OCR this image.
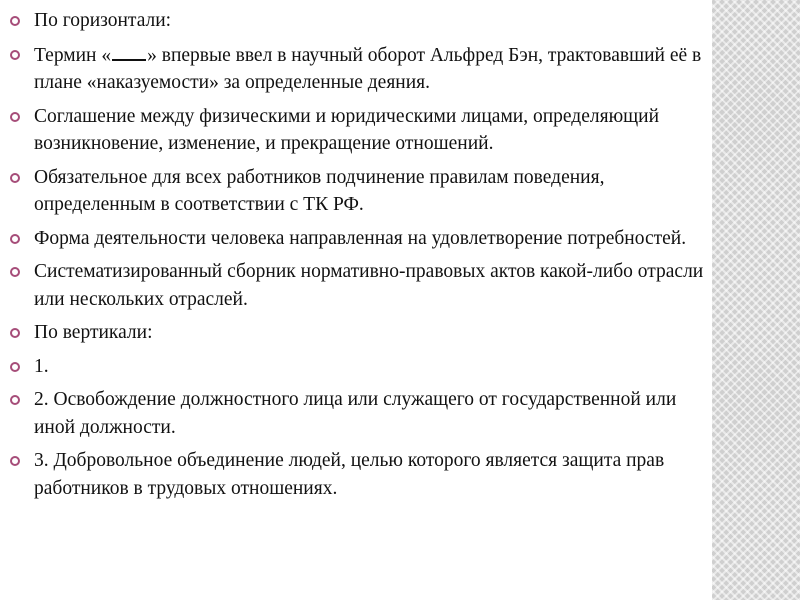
По горизонтали:
Термин « » впервые ввел в научный оборот Альфред Бэн, трактовавший её в плане «наказуемости» за определенные деяния.
Соглашение между физическими и юридическими лицами, определяющий возникновение, изменение, и прекращение отношений.
Обязательное для всех работников подчинение правилам поведения, определенным в соответствии с ТК РФ.
Форма деятельности человека направленная на удовлетворение потребностей.
Систематизированный сборник нормативно-правовых актов какой-либо отрасли или нескольких отраслей.
По вертикали:
1.
2. Освобождение должностного лица или служащего от государственной или иной должности.
3. Добровольное объединение людей, целью которого является защита прав работников в трудовых отношениях.
